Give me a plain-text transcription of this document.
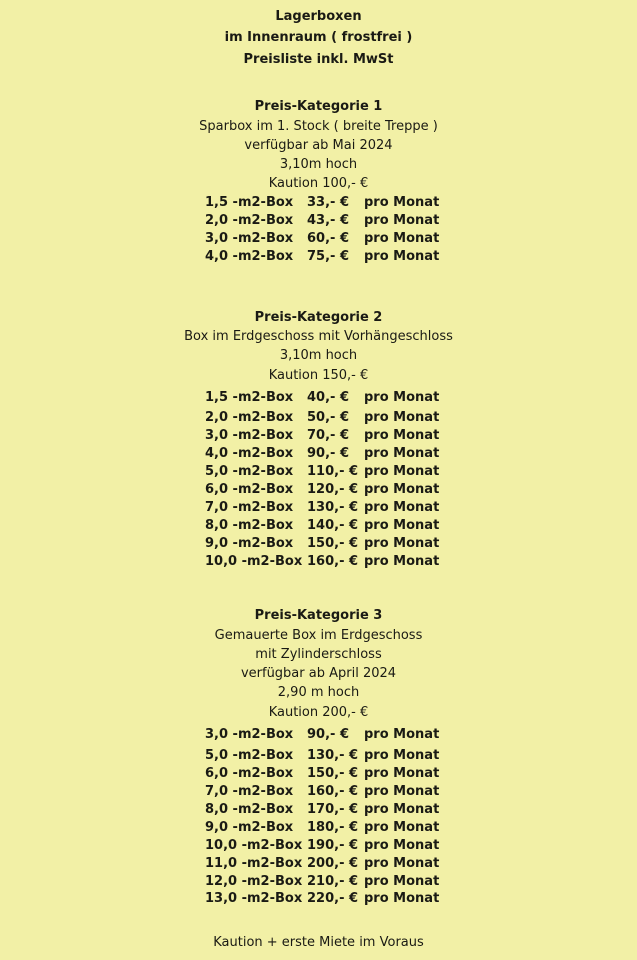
Lagerboxen
im Innenraum ( frostfrei )
Preisliste inkl. MwSt
Preis-Kategorie 1
Sparbox im 1. Stock ( breite Treppe )
verfügbar ab Mai 2024
3,10m hoch
Kaution 100,- €
1,5 -m2-Box 33,- € pro Monat
2,0 -m2-Box 43,- € pro Monat
3,0 -m2-Box 60,- € pro Monat
4,0 -m2-Box 75,- € pro Monat
Preis-Kategorie 2
Box im Erdgeschoss mit Vorhängeschloss
3,10m hoch
Kaution 150,- €
1,5 -m2-Box 40,- € pro Monat
2,0 -m2-Box 50,- € pro Monat
3,0 -m2-Box 70,- € pro Monat
4,0 -m2-Box 90,- € pro Monat
5,0 -m2-Box 110,- € pro Monat
6,0 -m2-Box 120,- € pro Monat
7,0 -m2-Box 130,- € pro Monat
8,0 -m2-Box 140,- € pro Monat
9,0 -m2-Box 150,- € pro Monat
10,0 -m2-Box 160,- € pro Monat
Preis-Kategorie 3
Gemauerte Box im Erdgeschoss
mit Zylinderschloss
verfügbar ab April 2024
2,90 m hoch
Kaution 200,- €
3,0 -m2-Box 90,- € pro Monat
5,0 -m2-Box 130,- € pro Monat
6,0 -m2-Box 150,- € pro Monat
7,0 -m2-Box 160,- € pro Monat
8,0 -m2-Box 170,- € pro Monat
9,0 -m2-Box 180,- € pro Monat
10,0 -m2-Box 190,- € pro Monat
11,0 -m2-Box 200,- € pro Monat
12,0 -m2-Box 210,- € pro Monat
13,0 -m2-Box 220,- € pro Monat
Kaution + erste Miete im Voraus
